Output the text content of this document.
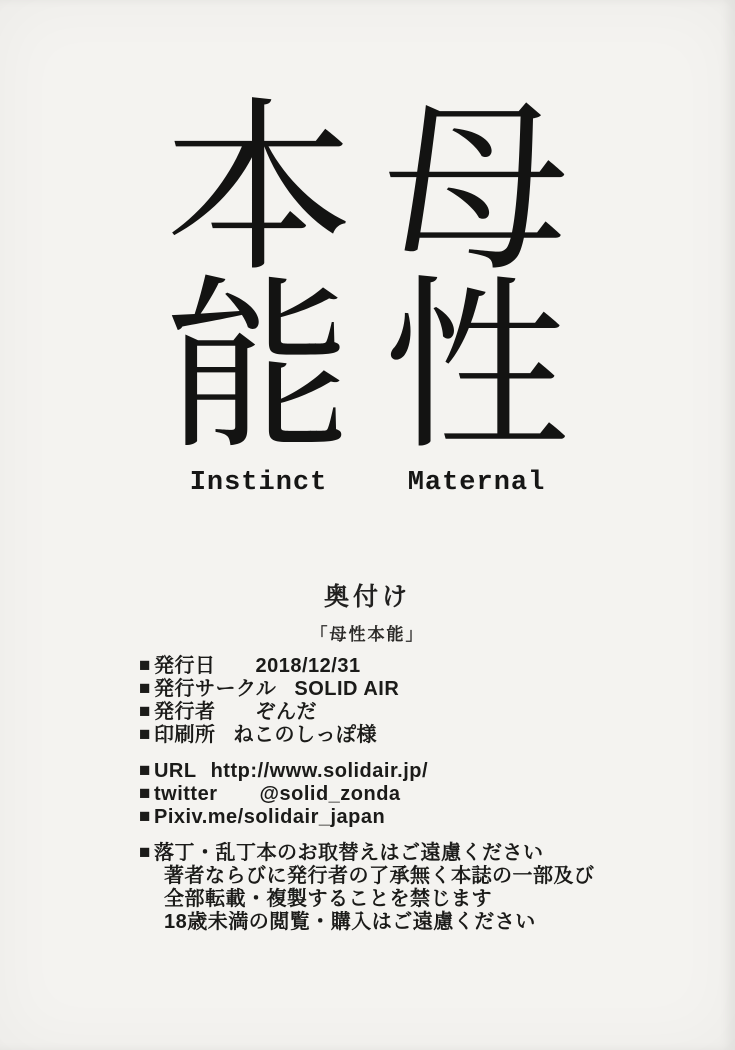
本
能
Instinct
母
性
Maternal
奥付け
「母性本能」
■ 発行日 2018/12/31
■ 発行サークル SOLID AIR
■ 発行者 ぞんだ
■ 印刷所 ねこのしっぽ様
■ URL http://www.solidair.jp/
■ twitter @solid_zonda
■ Pixiv.me/solidair_japan
■ 落丁・乱丁本のお取替えはご遠慮ください
著者ならびに発行者の了承無く本誌の一部及び
全部転載・複製することを禁じます
18歳未満の閲覧・購入はご遠慮ください
